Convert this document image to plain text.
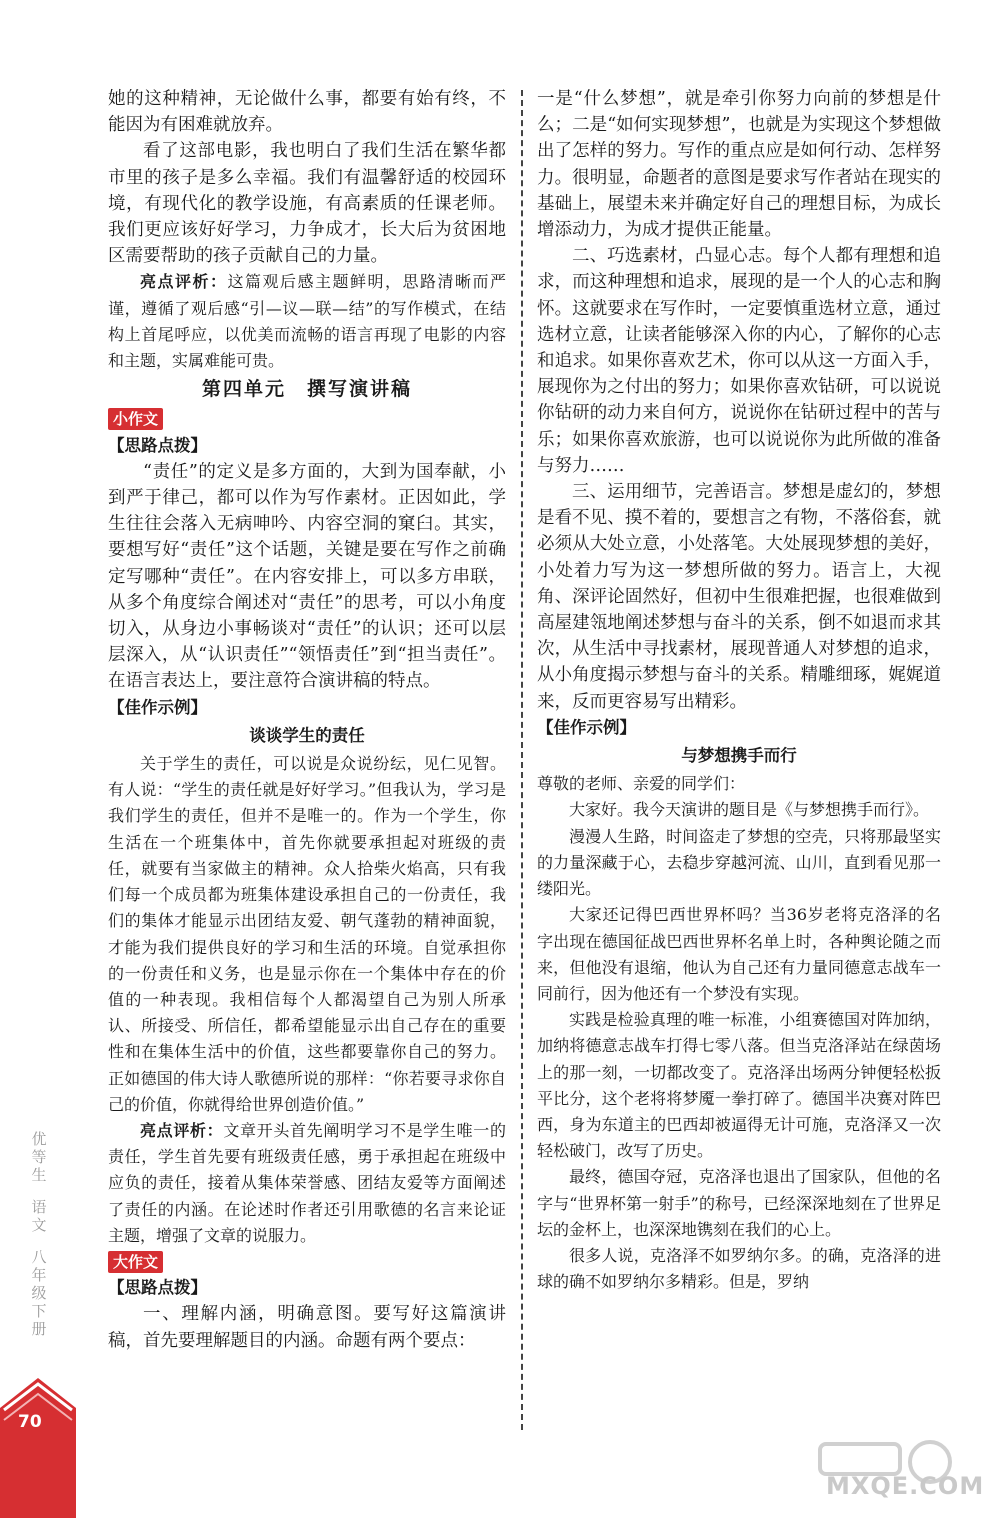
她的这种精神，无论做什么事，都要有始有终，不能因为有困难就放弃。

看了这部电影，我也明白了我们生活在繁华都市里的孩子是多么幸福。我们有温馨舒适的校园环境，有现代化的教学设施，有高素质的任课老师。我们更应该好好学习，力争成才，长大后为贫困地区需要帮助的孩子贡献自己的力量。

亮点评析：这篇观后感主题鲜明，思路清晰而严谨，遵循了观后感“引—议—联—结”的写作模式，在结构上首尾呼应，以优美而流畅的语言再现了电影的内容和主题，实属难能可贵。

第四单元　撰写演讲稿
小作文
【思路点拨】

“责任”的定义是多方面的，大到为国奉献，小到严于律己，都可以作为写作素材。正因如此，学生往往会落入无病呻吟、内容空洞的窠臼。其实，要想写好“责任”这个话题，关键是要在写作之前确定写哪种“责任”。在内容安排上，可以多方串联，从多个角度综合阐述对“责任”的思考，可以小角度切入，从身边小事畅谈对“责任”的认识；还可以层层深入，从“认识责任”“领悟责任”到“担当责任”。在语言表达上，要注意符合演讲稿的特点。

【佳作示例】
谈谈学生的责任

关于学生的责任，可以说是众说纷纭，见仁见智。有人说：“学生的责任就是好好学习。”但我认为，学习是我们学生的责任，但并不是唯一的。作为一个学生，你生活在一个班集体中，首先你就要承担起对班级的责任，就要有当家做主的精神。众人拾柴火焰高，只有我们每一个成员都为班集体建设承担自己的一份责任，我们的集体才能显示出团结友爱、朝气蓬勃的精神面貌，才能为我们提供良好的学习和生活的环境。自觉承担你的一份责任和义务，也是显示你在一个集体中存在的价值的一种表现。我相信每个人都渴望自己为别人所承认、所接受、所信任，都希望能显示出自己存在的重要性和在集体生活中的价值，这些都要靠你自己的努力。正如德国的伟大诗人歌德所说的那样：“你若要寻求你自己的价值，你就得给世界创造价值。”

亮点评析：文章开头首先阐明学习不是学生唯一的责任，学生首先要有班级责任感，勇于承担起在班级中应负的责任，接着从集体荣誉感、团结友爱等方面阐述了责任的内涵。在论述时作者还引用歌德的名言来论证主题，增强了文章的说服力。

大作文
【思路点拨】

一、理解内涵，明确意图。要写好这篇演讲稿，首先要理解题目的内涵。命题有两个要点：

一是“什么梦想”，就是牵引你努力向前的梦想是什么；二是“如何实现梦想”，也就是为实现这个梦想做出了怎样的努力。写作的重点应是如何行动、怎样努力。很明显，命题者的意图是要求写作者站在现实的基础上，展望未来并确定好自己的理想目标，为成长增添动力，为成才提供正能量。

二、巧选素材，凸显心志。每个人都有理想和追求，而这种理想和追求，展现的是一个人的心志和胸怀。这就要求在写作时，一定要慎重选材立意，通过选材立意，让读者能够深入你的内心，了解你的心志和追求。如果你喜欢艺术，你可以从这一方面入手，展现你为之付出的努力；如果你喜欢钻研，可以说说你钻研的动力来自何方，说说你在钻研过程中的苦与乐；如果你喜欢旅游，也可以说说你为此所做的准备与努力……

三、运用细节，完善语言。梦想是虚幻的，梦想是看不见、摸不着的，要想言之有物，不落俗套，就必须从大处立意，小处落笔。大处展现梦想的美好，小处着力写为这一梦想所做的努力。语言上，大视角、深评论固然好，但初中生很难把握，也很难做到高屋建瓴地阐述梦想与奋斗的关系，倒不如退而求其次，从生活中寻找素材，展现普通人对梦想的追求，从小角度揭示梦想与奋斗的关系。精雕细琢，娓娓道来，反而更容易写出精彩。

【佳作示例】
与梦想携手而行

尊敬的老师、亲爱的同学们：

大家好。我今天演讲的题目是《与梦想携手而行》。

漫漫人生路，时间盗走了梦想的空壳，只将那最坚实的力量深藏于心，去稳步穿越河流、山川，直到看见那一缕阳光。

大家还记得巴西世界杯吗？当36岁老将克洛泽的名字出现在德国征战巴西世界杯名单上时，各种舆论随之而来，但他没有退缩，他认为自己还有力量同德意志战车一同前行，因为他还有一个梦没有实现。

实践是检验真理的唯一标准，小组赛德国对阵加纳，加纳将德意志战车打得七零八落。但当克洛泽站在绿茵场上的那一刻，一切都改变了。克洛泽出场两分钟便轻松扳平比分，这个老将将梦魇一拳打碎了。德国半决赛对阵巴西，身为东道主的巴西却被逼得无计可施，克洛泽又一次轻松破门，改写了历史。

最终，德国夺冠，克洛泽也退出了国家队，但他的名字与“世界杯第一射手”的称号，已经深深地刻在了世界足坛的金杯上，也深深地镌刻在我们的心上。

很多人说，克洛泽不如罗纳尔多。的确，克洛泽的进球的确不如罗纳尔多精彩。但是，罗纳

优等生
语文
八年级下册
70
MXQE.COM
